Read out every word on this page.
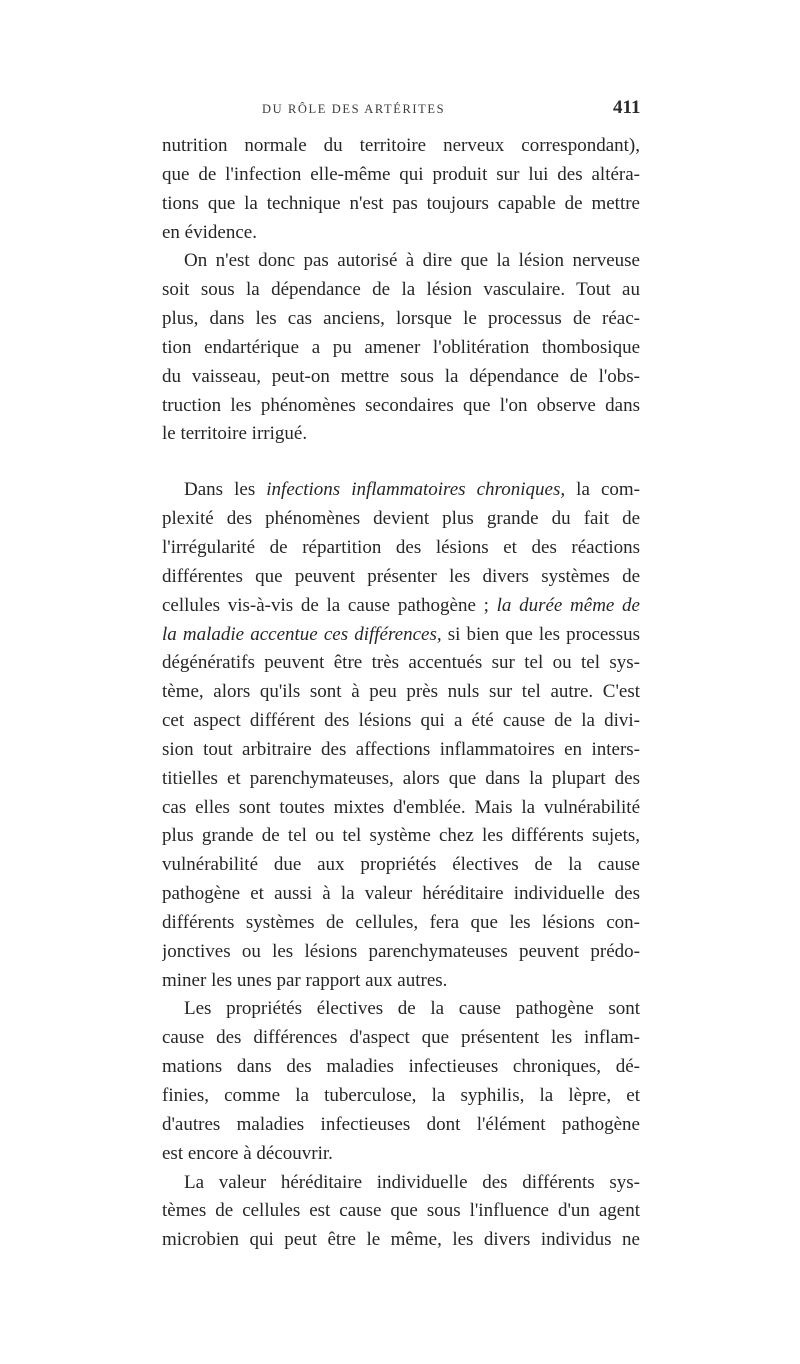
DU RÔLE DES ARTÉRITES	411

nutrition normale du territoire nerveux correspondant),
que de l'infection elle-même qui produit sur lui des altéra-
tions que la technique n'est pas toujours capable de mettre
en évidence.

On n'est donc pas autorisé à dire que la lésion nerveuse
soit sous la dépendance de la lésion vasculaire. Tout au
plus, dans les cas anciens, lorsque le processus de réac-
tion endartérique a pu amener l'oblitération thombosique
du vaisseau, peut-on mettre sous la dépendance de l'obs-
truction les phénomènes secondaires que l'on observe dans
le territoire irrigué.

Dans les infections inflammatoires chroniques, la com-
plexité des phénomènes devient plus grande du fait de
l'irrégularité de répartition des lésions et des réactions
différentes que peuvent présenter les divers systèmes de
cellules vis-à-vis de la cause pathogène ; la durée même de
la maladie accentue ces différences, si bien que les processus
dégénératifs peuvent être très accentués sur tel ou tel sys-
tème, alors qu'ils sont à peu près nuls sur tel autre. C'est
cet aspect différent des lésions qui a été cause de la divi-
sion tout arbitraire des affections inflammatoires en inters-
titielles et parenchymateuses, alors que dans la plupart des
cas elles sont toutes mixtes d'emblée. Mais la vulnérabilité
plus grande de tel ou tel système chez les différents sujets,
vulnérabilité due aux propriétés électives de la cause
pathogène et aussi à la valeur héréditaire individuelle des
différents systèmes de cellules, fera que les lésions con-
jonctives ou les lésions parenchymateuses peuvent prédo-
miner les unes par rapport aux autres.

Les propriétés électives de la cause pathogène sont
cause des différences d'aspect que présentent les inflam-
mations dans des maladies infectieuses chroniques, dé-
finies, comme la tuberculose, la syphilis, la lèpre, et
d'autres maladies infectieuses dont l'élément pathogène
est encore à découvrir.

La valeur héréditaire individuelle des différents sys-
tèmes de cellules est cause que sous l'influence d'un agent
microbien qui peut être le même, les divers individus ne
